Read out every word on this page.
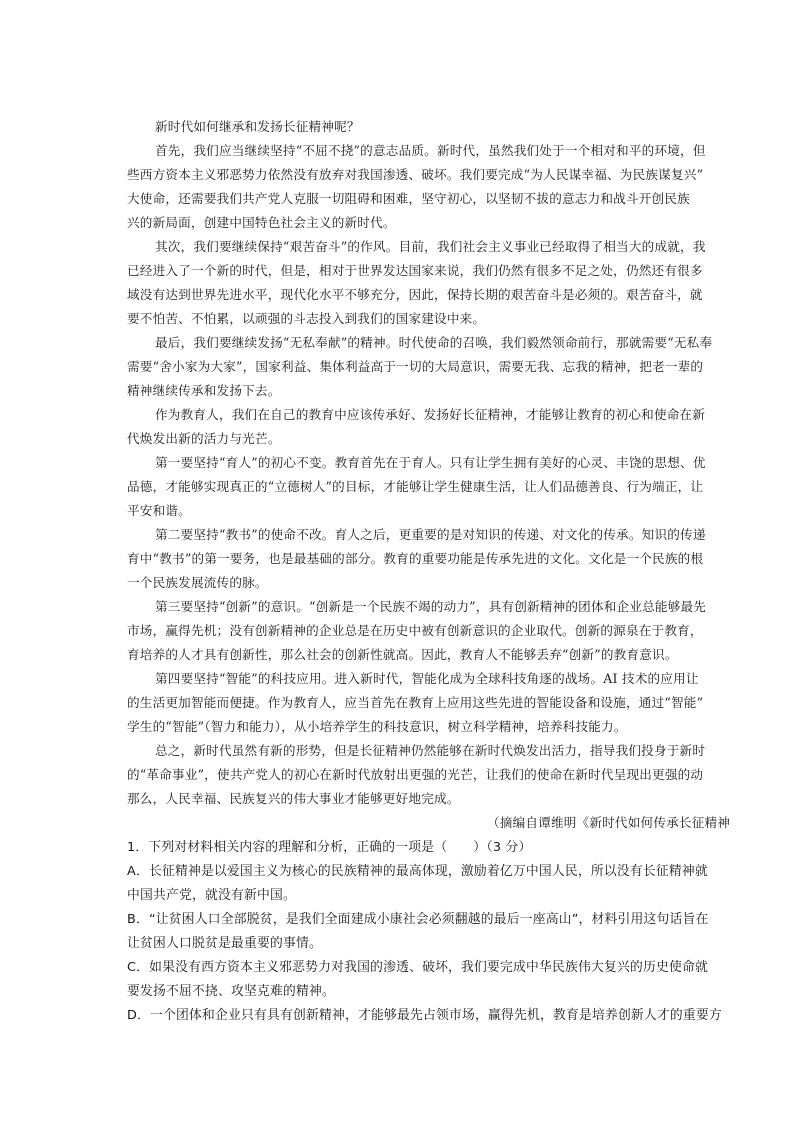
新时代如何继承和发扬长征精神呢？
首先，我们应当继续坚持“不屈不挠”的意志品质。新时代，虽然我们处于一个相对和平的环境，但
些西方资本主义邪恶势力依然没有放弃对我国渗透、破坏。我们要完成“为人民谋幸福、为民族谋复兴”
大使命，还需要我们共产党人克服一切阻碍和困难，坚守初心，以坚韧不拔的意志力和战斗开创民族
兴的新局面，创建中国特色社会主义的新时代。
其次，我们要继续保持“艰苦奋斗”的作风。目前，我们社会主义事业已经取得了相当大的成就，我
已经进入了一个新的时代，但是，相对于世界发达国家来说，我们仍然有很多不足之处，仍然还有很多
域没有达到世界先进水平，现代化水平不够充分，因此，保持长期的艰苦奋斗是必须的。艰苦奋斗，就
要不怕苦、不怕累，以顽强的斗志投入到我们的国家建设中来。
最后，我们要继续发扬“无私奉献”的精神。时代使命的召唤，我们毅然领命前行，那就需要“无私奉
需要“舍小家为大家”，国家利益、集体利益高于一切的大局意识，需要无我、忘我的精神，把老一辈的
精神继续传承和发扬下去。
作为教育人，我们在自己的教育中应该传承好、发扬好长征精神，才能够让教育的初心和使命在新
代焕发出新的活力与光芒。
第一要坚持“育人”的初心不变。教育首先在于育人。只有让学生拥有美好的心灵、丰饶的思想、优
品德，才能够实现真正的“立德树人”的目标，才能够让学生健康生活，让人们品德善良、行为端正，让
平安和谐。
第二要坚持“教书”的使命不改。育人之后，更重要的是对知识的传递、对文化的传承。知识的传递
育中“教书”的第一要务，也是最基础的部分。教育的重要功能是传承先进的文化。文化是一个民族的根
一个民族发展流传的脉。
第三要坚持“创新”的意识。“创新是一个民族不竭的动力”，具有创新精神的团体和企业总能够最先
市场，赢得先机；没有创新精神的企业总是在历史中被有创新意识的企业取代。创新的源泉在于教育，
育培养的人才具有创新性，那么社会的创新性就高。因此，教育人不能够丢弃“创新”的教育意识。
第四要坚持“智能”的科技应用。进入新时代，智能化成为全球科技角逐的战场。AI 技术的应用让
的生活更加智能而便捷。作为教育人，应当首先在教育上应用这些先进的智能设备和设施，通过“智能”
学生的“智能”（智力和能力），从小培养学生的科技意识，树立科学精神，培养科技能力。
总之，新时代虽然有新的形势，但是长征精神仍然能够在新时代焕发出活力，指导我们投身于新时
的“革命事业”，使共产党人的初心在新时代放射出更强的光芒，让我们的使命在新时代呈现出更强的动
那么，人民幸福、民族复兴的伟大事业才能够更好地完成。
（摘编自谭维明《新时代如何传承长征精神
1．下列对材料相关内容的理解和分析，正确的一项是（　　）（3 分）
A．长征精神是以爱国主义为核心的民族精神的最高体现，激励着亿万中国人民，所以没有长征精神就
中国共产党，就没有新中国。
B．“让贫困人口全部脱贫，是我们全面建成小康社会必须翻越的最后一座高山”，材料引用这句话旨在
让贫困人口脱贫是最重要的事情。
C．如果没有西方资本主义邪恶势力对我国的渗透、破坏，我们要完成中华民族伟大复兴的历史使命就
要发扬不屈不挠、攻坚克难的精神。
D．一个团体和企业只有具有创新精神，才能够最先占领市场，赢得先机，教育是培养创新人才的重要方
